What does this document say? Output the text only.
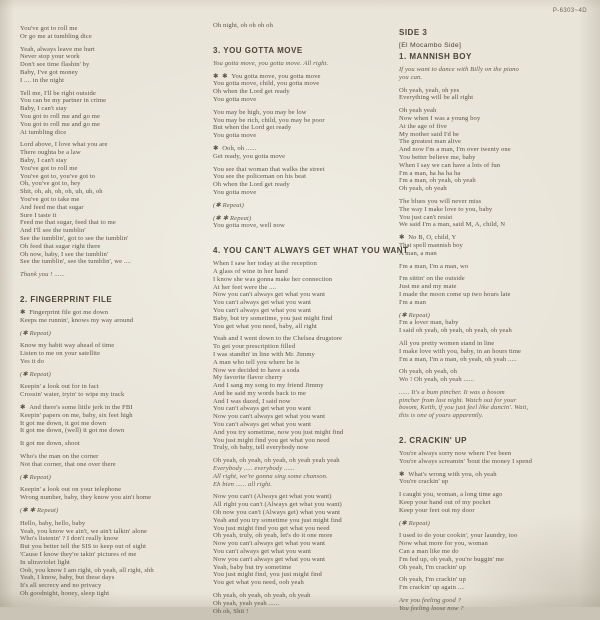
P-6303~4D

You've got to roll me

Or go me at tumbling dice

Yeah, always leave me hurt

Never stop your work

Don't see time flashin' by

Baby, I've got money

I .... in the night

Tell me, I'll be right outside

You can be my partner in crime

Baby, I can't stay

You got to roll me and go me

You got to roll me and go me

At tumbling dice

Lord above, I love what you are

There oughta be a law

Baby, I can't stay

You've got to roll me

You've got to, you've got to

Oh, you've got to, hey

Shit, oh, ah, oh, oh, uh, uh, oh

You've got to take me

And feed me that sugar

Sure I taste it

Feed me that sugar, feed that to me

And I'll see the tumblin'

See the tumblin', got to see the tumblin'

Oh feed that sugar right there

Oh now, baby, I see the tumblin'

See the tumblin', see the tumblin', we ....

Thank you ! ......

2. FINGERPRINT FILE

✱ Fingerprint file got me down

Keeps me runnin', knows my way around

(✱ Repeat)

Know my habit way ahead of time

Listen to me on your satellite

Yes it do

(✱ Repeat)

Keepin' a look out for in fact

Crossin' water, tryin' to wipe my track

✱ And there's some little jerk in the FBI

Keepin' papers on me, baby, six feet high

It got me down, it got me down

It got me down, (well) it got me down

It got me down, shoot

Who's the man on the corner

Not that corner, that one over there

(✱ Repeat)

Keepin' a look out on your telephone

Wrong number, baby, they know you ain't home

(✱ ✱ Repeat)

Hello, baby, hello, baby

Yeah, you know we ain't, we ain't talkin' alone

Who's listenin' ? I don't really know

But you better tell the SIS to keep out of sight

'Cause I know they're takin' pictures of me

In ultraviolet light

Ooh, you know I am right, oh yeah, all right, shh

Yeah, I know, baby, but these days

It's all secrecy and no privacy

Oh goodnight, honey, sleep tight

Oh night, oh oh oh oh

3. YOU GOTTA MOVE

You gotta move, you gotta move. All right.

✱ ✱ You gotta move, you gotta move

You gotta move, child, you gotta move

Oh when the Lord get ready

You gotta move

You may be high, you may be low

You may be rich, child, you may be poor

But when the Lord get ready

You gotta move

✱ Ooh, oh ......

Get ready, you gotta move

You see that woman that walks the street

You see the policeman on his beat

Oh when the Lord get ready

You gotta move

(✱ Repeat)

(✱ ✱ Repeat)

You gotta move, well now

4. YOU CAN'T ALWAYS GET WHAT YOU WANT

When I saw her today at the reception

A glass of wine in her hand

I know she was gonna make her connection

At her feet were the ....

Now you can't always get what you want

You can't always get what you want

You can't always get what you want

Baby, but try sometime, you just might find

You get what you need, baby, all right

Yeah and I went down to the Chelsea drugstore

To get your prescription filled

I was standin' in line with Mr. Jimmy

A man who tell you where he is

Now we decided to have a soda

My favorite flavor cherry

And I sang my song to my friend Jimmy

And he said my words back to me

And I was dazed, I said now

You can't always get what you want

Now you can't always get what you want

You can't always get what you want

And you try sometime, now you just might find

You just might find you get what you need

Truly, oh baby, tell everybody now

Oh yeah, oh yeah, oh yeah, oh yeah yeah yeah

Everybody ..... everybody ......

All right, we're gonna sing some chanson.

Eh bien ...... all right.

Now you can't (Always get what you want)

All right you can't (Always get what you want)

Oh now you can't (Always get) what you want

Yeah and you try sometime you just might find

You just might find you get what you need

Oh yeah, truly, oh yeah, let's do it one more

Now you can't always get what you want

You can't always get what you want

Now you can't always get what you want

Yeah, baby but try sometime

You just might find, you just might find

You get what you need, ooh yeah

Oh yeah, oh yeah, oh yeah, oh yeah

Oh yeah, yeah yeah ......

Oh oh, Shit !

SIDE 3
[El Mocambo Side]
1. MANNISH BOY

If you want to dance with Billy on the piano

you can.

Oh yeah, yeah, oh yes

Everything will be all right

Oh yeah yeah

Now when I was a young boy

At the age of five

My mother said I'd be

The greatest man alive

And now I'm a man, I'm over twenty one

You better believe me, baby

When I say we can have a lots of fun

I'm a man, ha ha ha ha

I'm a man, oh yeah, oh yeah

Oh yeah, oh yeah

The blues you will never miss

The way I make love to you, baby

You just can't resist

We said I'm a man, said M, A, child, N

✱ No B, O, child, Y

That spell mannish boy

A man, a man

I'm a man, I'm a man, wo

I'm sittin' on the outside

Just me and my mate

I made the moon come up two hours late

I'm a man

(✱ Repeat)

I'm a lover man, baby

I said oh yeah, oh yeah, oh yeah, oh yeah

All you pretty women stand in line

I make love with you, baby, in an hours time

I'm a man, I'm a man, oh yeah, oh yeah .....

Oh yeah, oh yeah, oh

Wo ! Oh yeah, oh yeah ......

...... It's a bum pincher. It was a bosom

pincher from last night. Watch out for your

bosom, Keith, if you just feel like dancin'. Wait,

this is one of yours apparently.

2. CRACKIN' UP

You're always sorry now where I've been

You're always screamin' 'bout the money I spend

✱ What's wrong with you, oh yeah

You're crackin' up

I caught you, woman, a long time ago

Keep your hand out of my pocket

Keep your feet out my door

(✱ Repeat)

I used to do your cookin', your laundry, too

Now what more for you, woman

Can a man like me do

I'm fed up, oh yeah, you're buggin' me

Oh yeah, I'm crackin' up

Oh yeah, I'm crackin' up

I'm crackin' up again ....

Are you feeling good ?

You feeling loose now ?
